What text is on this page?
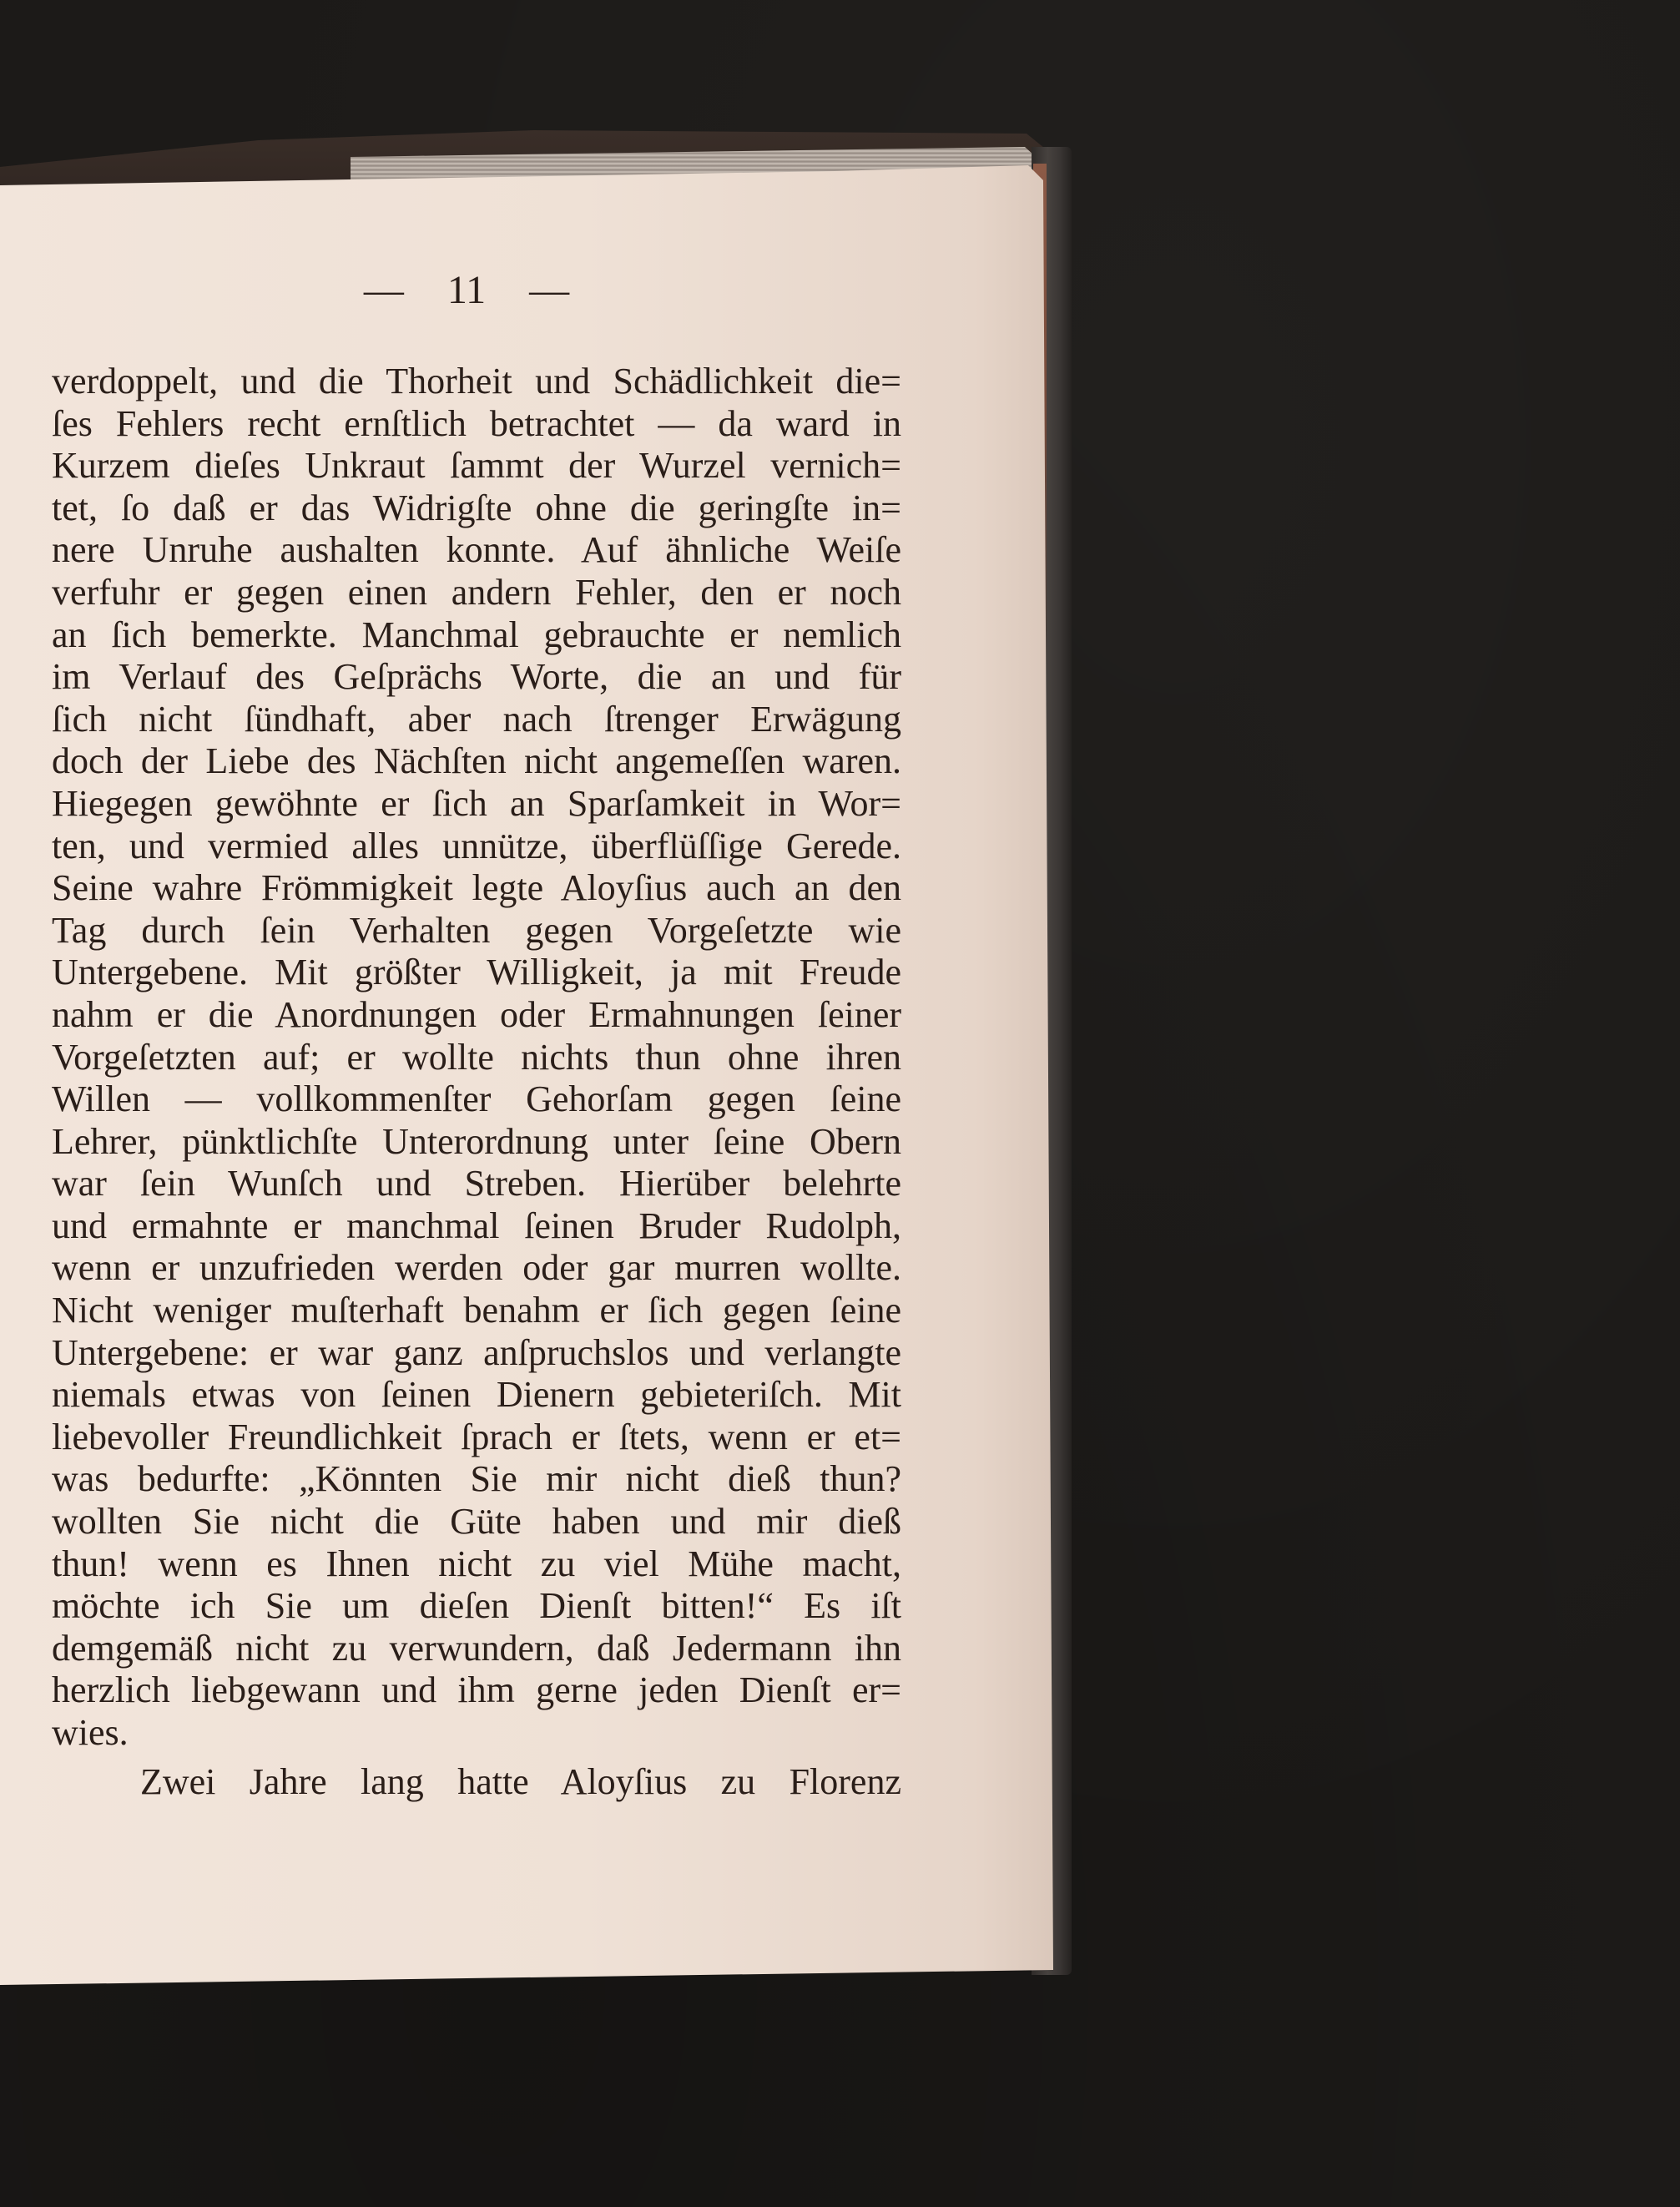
— 11 —
verdoppelt, und die Thorheit und Schädlichkeit die=
ſes Fehlers recht ernſtlich betrachtet — da ward in
Kurzem dieſes Unkraut ſammt der Wurzel vernich=
tet, ſo daß er das Widrigſte ohne die geringſte in=
nere Unruhe aushalten konnte. Auf ähnliche Weiſe
verfuhr er gegen einen andern Fehler, den er noch
an ſich bemerkte. Manchmal gebrauchte er nemlich
im Verlauf des Geſprächs Worte, die an und für
ſich nicht ſündhaft, aber nach ſtrenger Erwägung
doch der Liebe des Nächſten nicht angemeſſen waren.
Hiegegen gewöhnte er ſich an Sparſamkeit in Wor=
ten, und vermied alles unnütze, überflüſſige Gerede.
Seine wahre Frömmigkeit legte Aloyſius auch an den
Tag durch ſein Verhalten gegen Vorgeſetzte wie
Untergebene. Mit größter Willigkeit, ja mit Freude
nahm er die Anordnungen oder Ermahnungen ſeiner
Vorgeſetzten auf; er wollte nichts thun ohne ihren
Willen — vollkommenſter Gehorſam gegen ſeine
Lehrer, pünktlichſte Unterordnung unter ſeine Obern
war ſein Wunſch und Streben. Hierüber belehrte
und ermahnte er manchmal ſeinen Bruder Rudolph,
wenn er unzufrieden werden oder gar murren wollte.
Nicht weniger muſterhaft benahm er ſich gegen ſeine
Untergebene: er war ganz anſpruchslos und verlangte
niemals etwas von ſeinen Dienern gebieteriſch. Mit
liebevoller Freundlichkeit ſprach er ſtets, wenn er et=
was bedurfte: „Könnten Sie mir nicht dieß thun?
wollten Sie nicht die Güte haben und mir dieß
thun! wenn es Ihnen nicht zu viel Mühe macht,
möchte ich Sie um dieſen Dienſt bitten!“ Es iſt
demgemäß nicht zu verwundern, daß Jedermann ihn
herzlich liebgewann und ihm gerne jeden Dienſt er=
wies.
Zwei Jahre lang hatte Aloyſius zu Florenz
